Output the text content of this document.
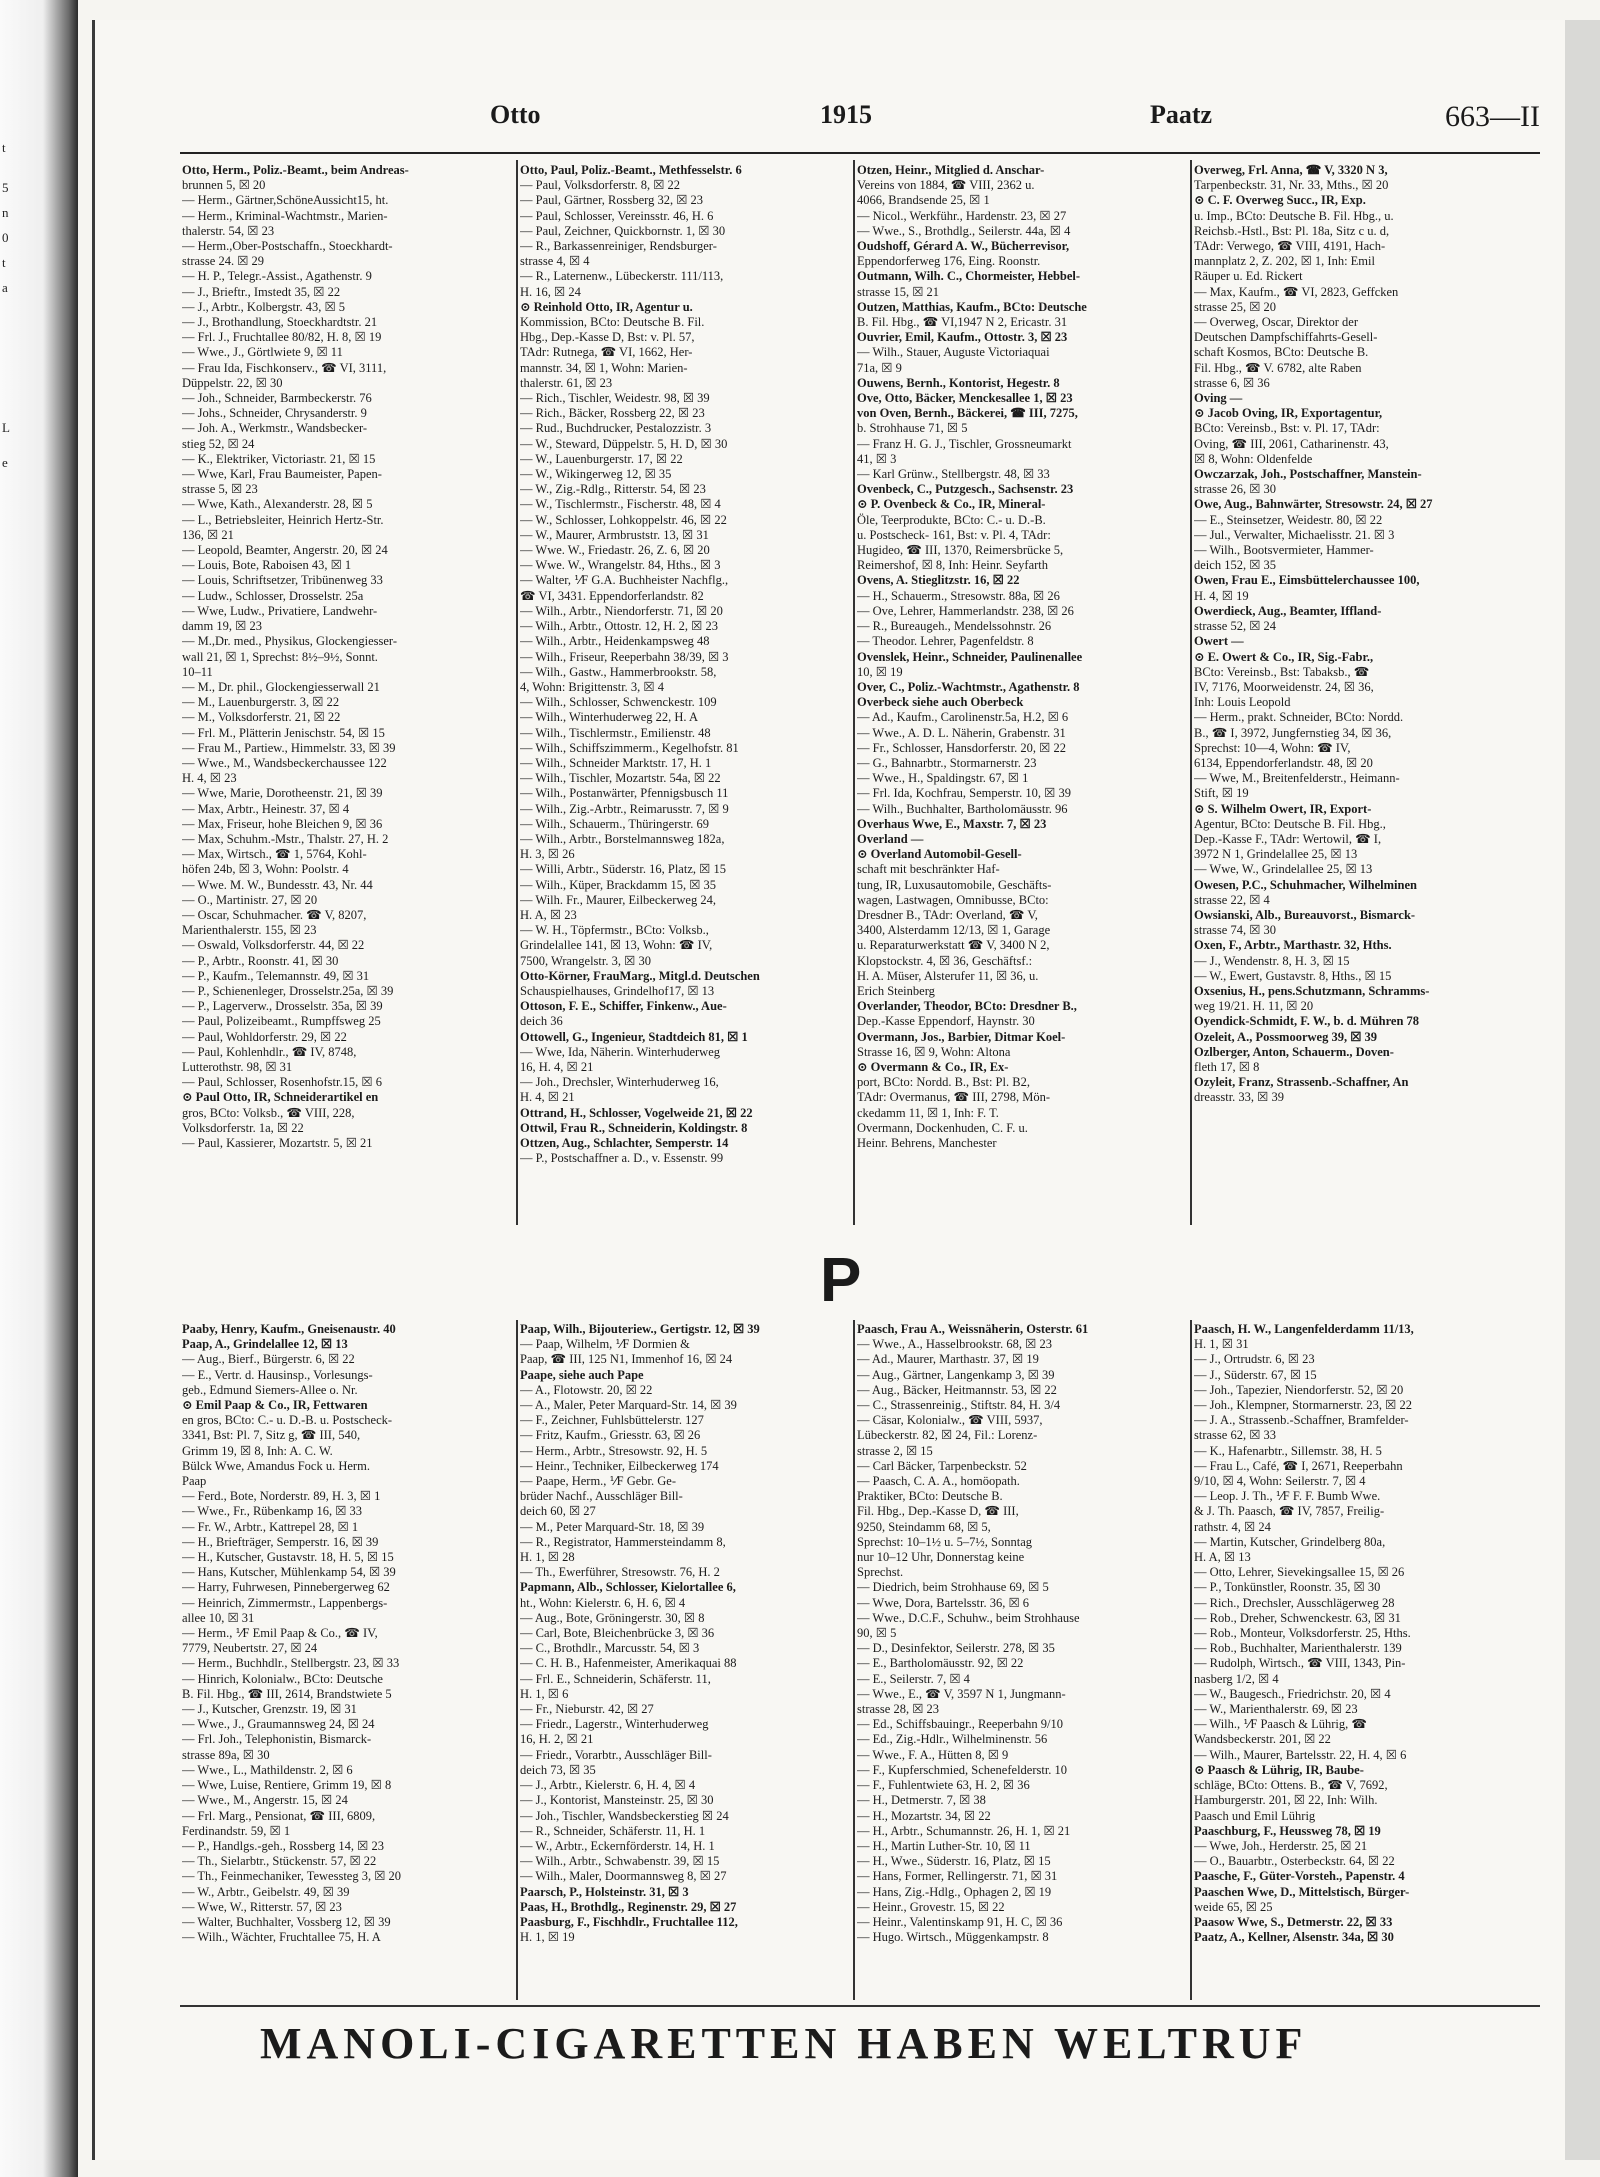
t
5
n
0
t
a
L
e
Otto	1915	Paatz	663—II
P
Otto, Herm., Poliz.-Beamt., beim Andreas-
brunnen 5, ☒ 20
— Herm., Gärtner,SchöneAussicht15, ht.
— Herm., Kriminal-Wachtmstr., Marien-
thalerstr. 54, ☒ 23
— Herm.,Ober-Postschaffn., Stoeckhardt-
strasse 24. ☒ 29
— H. P., Telegr.-Assist., Agathenstr. 9
— J., Brieftr., Imstedt 35, ☒ 22
— J., Arbtr., Kolbergstr. 43, ☒ 5
— J., Brothandlung, Stoeckhardtstr. 21
— Frl. J., Fruchtallee 80/82, H. 8, ☒ 19
— Wwe., J., Görtlwiete 9, ☒ 11
— Frau Ida, Fischkonserv., ☎ VI, 3111,
Düppelstr. 22, ☒ 30
— Joh., Schneider, Barmbeckerstr. 76
— Johs., Schneider, Chrysanderstr. 9
— Joh. A., Werkmstr., Wandsbecker-
stieg 52, ☒ 24
— K., Elektriker, Victoriastr. 21, ☒ 15
— Wwe, Karl, Frau Baumeister, Papen-
strasse 5, ☒ 23
— Wwe, Kath., Alexanderstr. 28, ☒ 5
— L., Betriebsleiter, Heinrich Hertz-Str.
136, ☒ 21
— Leopold, Beamter, Angerstr. 20, ☒ 24
— Louis, Bote, Raboisen 43, ☒ 1
— Louis, Schriftsetzer, Tribünenweg 33
— Ludw., Schlosser, Drosselstr. 25a
— Wwe, Ludw., Privatiere, Landwehr-
damm 19, ☒ 23
— M.,Dr. med., Physikus, Glockengiesser-
wall 21, ☒ 1, Sprechst: 8½–9½, Sonnt.
10–11
— M., Dr. phil., Glockengiesserwall 21
— M., Lauenburgerstr. 3, ☒ 22
— M., Volksdorferstr. 21, ☒ 22
— Frl. M., Plätterin Jenischstr. 54, ☒ 15
— Frau M., Partiew., Himmelstr. 33, ☒ 39
— Wwe., M., Wandsbeckerchaussee 122
H. 4, ☒ 23
— Wwe, Marie, Dorotheenstr. 21, ☒ 39
— Max, Arbtr., Heinestr. 37, ☒ 4
— Max, Friseur, hohe Bleichen 9, ☒ 36
— Max, Schuhm.-Mstr., Thalstr. 27, H. 2
— Max, Wirtsch., ☎ 1, 5764, Kohl-
höfen 24b, ☒ 3, Wohn: Poolstr. 4
— Wwe. M. W., Bundesstr. 43, Nr. 44
— O., Martinistr. 27, ☒ 20
— Oscar, Schuhmacher. ☎ V, 8207,
Marienthalerstr. 155, ☒ 23
— Oswald, Volksdorferstr. 44, ☒ 22
— P., Arbtr., Roonstr. 41, ☒ 30
— P., Kaufm., Telemannstr. 49, ☒ 31
— P., Schienenleger, Drosselstr.25a, ☒ 39
— P., Lagerverw., Drosselstr. 35a, ☒ 39
— Paul, Polizeibeamt., Rumpffsweg 25
— Paul, Wohldorferstr. 29, ☒ 22
— Paul, Kohlenhdlr., ☎ IV, 8748,
Lutterothstr. 98, ☒ 31
— Paul, Schlosser, Rosenhofstr.15, ☒ 6
⊙ Paul Otto, IR, Schneiderartikel en
gros, BCto: Volksb., ☎ VIII, 228,
Volksdorferstr. 1a, ☒ 22
— Paul, Kassierer, Mozartstr. 5, ☒ 21
Otto, Paul, Poliz.-Beamt., Methfesselstr. 6
— Paul, Volksdorferstr. 8, ☒ 22
— Paul, Gärtner, Rossberg 32, ☒ 23
— Paul, Schlosser, Vereinsstr. 46, H. 6
— Paul, Zeichner, Quickbornstr. 1, ☒ 30
— R., Barkassenreiniger, Rendsburger-
strasse 4, ☒ 4
— R., Laternenw., Lübeckerstr. 111/113,
H. 16, ☒ 24
⊙ Reinhold Otto, IR, Agentur u.
Kommission, BCto: Deutsche B. Fil.
Hbg., Dep.-Kasse D, Bst: v. Pl. 57,
TAdr: Rutnega, ☎ VI, 1662, Her-
mannstr. 34, ☒ 1, Wohn: Marien-
thalerstr. 61, ☒ 23
— Rich., Tischler, Weidestr. 98, ☒ 39
— Rich., Bäcker, Rossberg 22, ☒ 23
— Rud., Buchdrucker, Pestalozzistr. 3
— W., Steward, Düppelstr. 5, H. D, ☒ 30
— W., Lauenburgerstr. 17, ☒ 22
— W., Wikingerweg 12, ☒ 35
— W., Zig.-Rdlg., Ritterstr. 54, ☒ 23
— W., Tischlermstr., Fischerstr. 48, ☒ 4
— W., Schlosser, Lohkoppelstr. 46, ☒ 22
— W., Maurer, Armbruststr. 13, ☒ 31
— Wwe. W., Friedastr. 26, Z. 6, ☒ 20
— Wwe. W., Wrangelstr. 84, Hths., ☒ 3
— Walter, ⅟F G.A. Buchheister Nachflg.,
☎ VI, 3431. Eppendorferlandstr. 82
— Wilh., Arbtr., Niendorferstr. 71, ☒ 20
— Wilh., Arbtr., Ottostr. 12, H. 2, ☒ 23
— Wilh., Arbtr., Heidenkampsweg 48
— Wilh., Friseur, Reeperbahn 38/39, ☒ 3
— Wilh., Gastw., Hammerbrookstr. 58,
4, Wohn: Brigittenstr. 3, ☒ 4
— Wilh., Schlosser, Schwenckestr. 109
— Wilh., Winterhuderweg 22, H. A
— Wilh., Tischlermstr., Emilienstr. 48
— Wilh., Schiffszimmerm., Kegelhofstr. 81
— Wilh., Schneider Marktstr. 17, H. 1
— Wilh., Tischler, Mozartstr. 54a, ☒ 22
— Wilh., Postanwärter, Pfennigsbusch 11
— Wilh., Zig.-Arbtr., Reimarusstr. 7, ☒ 9
— Wilh., Schauerm., Thüringerstr. 69
— Wilh., Arbtr., Borstelmannsweg 182a,
H. 3, ☒ 26
— Willi, Arbtr., Süderstr. 16, Platz, ☒ 15
— Wilh., Küper, Brackdamm 15, ☒ 35
— Wilh. Fr., Maurer, Eilbeckerweg 24,
H. A, ☒ 23
— W. H., Töpfermstr., BCto: Volksb.,
Grindelallee 141, ☒ 13, Wohn: ☎ IV,
7500, Wrangelstr. 3, ☒ 30
Otto-Körner, FrauMarg., Mitgl.d. Deutschen
Schauspielhauses, Grindelhof17, ☒ 13
Ottoson, F. E., Schiffer, Finkenw., Aue-
deich 36
Ottowell, G., Ingenieur, Stadtdeich 81, ☒ 1
— Wwe, Ida, Näherin. Winterhuderweg
16, H. 4, ☒ 21
— Joh., Drechsler, Winterhuderweg 16,
H. 4, ☒ 21
Ottrand, H., Schlosser, Vogelweide 21, ☒ 22
Ottwil, Frau R., Schneiderin, Koldingstr. 8
Ottzen, Aug., Schlachter, Semperstr. 14
— P., Postschaffner a. D., v. Essenstr. 99
Otzen, Heinr., Mitglied d. Anschar-
Vereins von 1884, ☎ VIII, 2362 u.
4066, Brandsende 25, ☒ 1
— Nicol., Werkführ., Hardenstr. 23, ☒ 27
— Wwe., S., Brothdlg., Seilerstr. 44a, ☒ 4
Oudshoff, Gérard A. W., Bücherrevisor,
Eppendorferweg 176, Eing. Roonstr.
Outmann, Wilh. C., Chormeister, Hebbel-
strasse 15, ☒ 21
Outzen, Matthias, Kaufm., BCto: Deutsche
B. Fil. Hbg., ☎ VI,1947 N 2, Ericastr. 31
Ouvrier, Emil, Kaufm., Ottostr. 3, ☒ 23
— Wilh., Stauer, Auguste Victoriaquai
71a, ☒ 9
Ouwens, Bernh., Kontorist, Hegestr. 8
Ove, Otto, Bäcker, Menckesallee 1, ☒ 23
von Oven, Bernh., Bäckerei, ☎ III, 7275,
b. Strohhause 71, ☒ 5
— Franz H. G. J., Tischler, Grossneumarkt
41, ☒ 3
— Karl Grünw., Stellbergstr. 48, ☒ 33
Ovenbeck, C., Putzgesch., Sachsenstr. 23
⊙ P. Ovenbeck & Co., IR, Mineral-
Öle, Teerprodukte, BCto: C.- u. D.-B.
u. Postscheck- 161, Bst: v. Pl. 4, TAdr:
Hugideo, ☎ III, 1370, Reimersbrücke 5,
Reimershof, ☒ 8, Inh: Heinr. Seyfarth
Ovens, A. Stieglitzstr. 16, ☒ 22
— H., Schauerm., Stresowstr. 88a, ☒ 26
— Ove, Lehrer, Hammerlandstr. 238, ☒ 26
— R., Bureaugeh., Mendelssohnstr. 26
— Theodor. Lehrer, Pagenfeldstr. 8
Ovenslek, Heinr., Schneider, Paulinenallee
10, ☒ 19
Over, C., Poliz.-Wachtmstr., Agathenstr. 8
Overbeck siehe auch Oberbeck
— Ad., Kaufm., Carolinenstr.5a, H.2, ☒ 6
— Wwe., A. D. L. Näherin, Grabenstr. 31
— Fr., Schlosser, Hansdorferstr. 20, ☒ 22
— G., Bahnarbtr., Stormarnerstr. 23
— Wwe., H., Spaldingstr. 67, ☒ 1
— Frl. Ida, Kochfrau, Semperstr. 10, ☒ 39
— Wilh., Buchhalter, Bartholomäusstr. 96
Overhaus Wwe, E., Maxstr. 7, ☒ 23
Overland —
⊙ Overland Automobil-Gesell-
schaft mit beschränkter Haf-
tung, IR, Luxusautomobile, Geschäfts-
wagen, Lastwagen, Omnibusse, BCto:
Dresdner B., TAdr: Overland, ☎ V,
3400, Alsterdamm 12/13, ☒ 1, Garage
u. Reparaturwerkstatt ☎ V, 3400 N 2,
Klopstockstr. 4, ☒ 36, Geschäftsf.:
H. A. Müser, Alsterufer 11, ☒ 36, u.
Erich Steinberg
Overlander, Theodor, BCto: Dresdner B.,
Dep.-Kasse Eppendorf, Haynstr. 30
Overmann, Jos., Barbier, Ditmar Koel-
Strasse 16, ☒ 9, Wohn: Altona
⊙ Overmann & Co., IR, Ex-
port, BCto: Nordd. B., Bst: Pl. B2,
TAdr: Overmanus, ☎ III, 2798, Mön-
ckedamm 11, ☒ 1, Inh: F. T.
Overmann, Dockenhuden, C. F. u.
Heinr. Behrens, Manchester
Overweg, Frl. Anna, ☎ V, 3320 N 3,
Tarpenbeckstr. 31, Nr. 33, Mths., ☒ 20
⊙ C. F. Overweg Succ., IR, Exp.
u. Imp., BCto: Deutsche B. Fil. Hbg., u.
Reichsb.-Hstl., Bst: Pl. 18a, Sitz c u. d,
TAdr: Verwego, ☎ VIII, 4191, Hach-
mannplatz 2, Z. 202, ☒ 1, Inh: Emil
Räuper u. Ed. Rickert
— Max, Kaufm., ☎ VI, 2823, Geffcken
strasse 25, ☒ 20
— Overweg, Oscar, Direktor der
Deutschen Dampfschiffahrts-Gesell-
schaft Kosmos, BCto: Deutsche B.
Fil. Hbg., ☎ V. 6782, alte Raben
strasse 6, ☒ 36
Oving —
⊙ Jacob Oving, IR, Exportagentur,
BCto: Vereinsb., Bst: v. Pl. 17, TAdr:
Oving, ☎ III, 2061, Catharinenstr. 43,
☒ 8, Wohn: Oldenfelde
Owczarzak, Joh., Postschaffner, Manstein-
strasse 26, ☒ 30
Owe, Aug., Bahnwärter, Stresowstr. 24, ☒ 27
— E., Steinsetzer, Weidestr. 80, ☒ 22
— Jul., Verwalter, Michaelisstr. 21. ☒ 3
— Wilh., Bootsvermieter, Hammer-
deich 152, ☒ 35
Owen, Frau E., Eimsbüttelerchaussee 100,
H. 4, ☒ 19
Owerdieck, Aug., Beamter, Iffland-
strasse 52, ☒ 24
Owert —
⊙ E. Owert & Co., IR, Sig.-Fabr.,
BCto: Vereinsb., Bst: Tabaksb., ☎
IV, 7176, Moorweidenstr. 24, ☒ 36,
Inh: Louis Leopold
— Herm., prakt. Schneider, BCto: Nordd.
B., ☎ I, 3972, Jungfernstieg 34, ☒ 36,
Sprechst: 10—4, Wohn: ☎ IV,
6134, Eppendorferlandstr. 48, ☒ 20
— Wwe, M., Breitenfelderstr., Heimann-
Stift, ☒ 19
⊙ S. Wilhelm Owert, IR, Export-
Agentur, BCto: Deutsche B. Fil. Hbg.,
Dep.-Kasse F., TAdr: Wertowil, ☎ I,
3972 N 1, Grindelallee 25, ☒ 13
— Wwe, W., Grindelallee 25, ☒ 13
Owesen, P.C., Schuhmacher, Wilhelminen
strasse 22, ☒ 4
Owsianski, Alb., Bureauvorst., Bismarck-
strasse 74, ☒ 30
Oxen, F., Arbtr., Marthastr. 32, Hths.
— J., Wendenstr. 8, H. 3, ☒ 15
— W., Ewert, Gustavstr. 8, Hths., ☒ 15
Oxsenius, H., pens.Schutzmann, Schramms-
weg 19/21. H. 11, ☒ 20
Oyendick-Schmidt, F. W., b. d. Mühren 78
Ozeleit, A., Possmoorweg 39, ☒ 39
Ozlberger, Anton, Schauerm., Doven-
fleth 17, ☒ 8
Ozyleit, Franz, Strassenb.-Schaffner, An
dreasstr. 33, ☒ 39
Paaby, Henry, Kaufm., Gneisenaustr. 40
Paap, A., Grindelallee 12, ☒ 13
— Aug., Bierf., Bürgerstr. 6, ☒ 22
— E., Vertr. d. Hausinsp., Vorlesungs-
geb., Edmund Siemers-Allee o. Nr.
⊙ Emil Paap & Co., IR, Fettwaren
en gros, BCto: C.- u. D.-B. u. Postscheck-
3341, Bst: Pl. 7, Sitz g, ☎ III, 540,
Grimm 19, ☒ 8, Inh: A. C. W.
Bülck Wwe, Amandus Fock u. Herm.
Paap
— Ferd., Bote, Norderstr. 89, H. 3, ☒ 1
— Wwe., Fr., Rübenkamp 16, ☒ 33
— Fr. W., Arbtr., Kattrepel 28, ☒ 1
— H., Briefträger, Semperstr. 16, ☒ 39
— H., Kutscher, Gustavstr. 18, H. 5, ☒ 15
— Hans, Kutscher, Mühlenkamp 54, ☒ 39
— Harry, Fuhrwesen, Pinnebergerweg 62
— Heinrich, Zimmermstr., Lappenbergs-
allee 10, ☒ 31
— Herm., ⅟F Emil Paap & Co., ☎ IV,
7779, Neubertstr. 27, ☒ 24
— Herm., Buchhdlr., Stellbergstr. 23, ☒ 33
— Hinrich, Kolonialw., BCto: Deutsche
B. Fil. Hbg., ☎ III, 2614, Brandstwiete 5
— J., Kutscher, Grenzstr. 19, ☒ 31
— Wwe., J., Graumannsweg 24, ☒ 24
— Frl. Joh., Telephonistin, Bismarck-
strasse 89a, ☒ 30
— Wwe., L., Mathildenstr. 2, ☒ 6
— Wwe, Luise, Rentiere, Grimm 19, ☒ 8
— Wwe., M., Angerstr. 15, ☒ 24
— Frl. Marg., Pensionat, ☎ III, 6809,
Ferdinandstr. 59, ☒ 1
— P., Handlgs.-geh., Rossberg 14, ☒ 23
— Th., Sielarbtr., Stückenstr. 57, ☒ 22
— Th., Feinmechaniker, Tewessteg 3, ☒ 20
— W., Arbtr., Geibelstr. 49, ☒ 39
— Wwe, W., Ritterstr. 57, ☒ 23
— Walter, Buchhalter, Vossberg 12, ☒ 39
— Wilh., Wächter, Fruchtallee 75, H. A
Paap, Wilh., Bijouteriew., Gertigstr. 12, ☒ 39
— Paap, Wilhelm, ⅟F Dormien &
Paap, ☎ III, 125 N1, Immenhof 16, ☒ 24
Paape, siehe auch Pape
— A., Flotowstr. 20, ☒ 22
— A., Maler, Peter Marquard-Str. 14, ☒ 39
— F., Zeichner, Fuhlsbüttelerstr. 127
— Fritz, Kaufm., Griesstr. 63, ☒ 26
— Herm., Arbtr., Stresowstr. 92, H. 5
— Heinr., Techniker, Eilbeckerweg 174
— Paape, Herm., ⅟F Gebr. Ge-
brüder Nachf., Ausschläger Bill-
deich 60, ☒ 27
— M., Peter Marquard-Str. 18, ☒ 39
— R., Registrator, Hammersteindamm 8,
H. 1, ☒ 28
— Th., Ewerführer, Stresowstr. 76, H. 2
Papmann, Alb., Schlosser, Kielortallee 6,
ht., Wohn: Kielerstr. 6, H. 6, ☒ 4
— Aug., Bote, Gröningerstr. 30, ☒ 8
— Carl, Bote, Bleichenbrücke 3, ☒ 36
— C., Brothdlr., Marcusstr. 54, ☒ 3
— C. H. B., Hafenmeister, Amerikaquai 88
— Frl. E., Schneiderin, Schäferstr. 11,
H. 1, ☒ 6
— Fr., Nieburstr. 42, ☒ 27
— Friedr., Lagerstr., Winterhuderweg
16, H. 2, ☒ 21
— Friedr., Vorarbtr., Ausschläger Bill-
deich 73, ☒ 35
— J., Arbtr., Kielerstr. 6, H. 4, ☒ 4
— J., Kontorist, Mansteinstr. 25, ☒ 30
— Joh., Tischler, Wandsbeckerstieg ☒ 24
— R., Schneider, Schäferstr. 11, H. 1
— W., Arbtr., Eckernförderstr. 14, H. 1
— Wilh., Arbtr., Schwabenstr. 39, ☒ 15
— Wilh., Maler, Doormannsweg 8, ☒ 27
Paarsch, P., Holsteinstr. 31, ☒ 3
Paas, H., Brothdlg., Reginenstr. 29, ☒ 27
Paasburg, F., Fischhdlr., Fruchtallee 112,
H. 1, ☒ 19
Paasch, Frau A., Weissnäherin, Osterstr. 61
— Wwe., A., Hasselbrookstr. 68, ☒ 23
— Ad., Maurer, Marthastr. 37, ☒ 19
— Aug., Gärtner, Langenkamp 3, ☒ 39
— Aug., Bäcker, Heitmannstr. 53, ☒ 22
— C., Strassenreinig., Stiftstr. 84, H. 3/4
— Cäsar, Kolonialw., ☎ VIII, 5937,
Lübeckerstr. 82, ☒ 24, Fil.: Lorenz-
strasse 2, ☒ 15
— Carl Bäcker, Tarpenbeckstr. 52
— Paasch, C. A. A., homöopath.
Praktiker, BCto: Deutsche B.
Fil. Hbg., Dep.-Kasse D, ☎ III,
9250, Steindamm 68, ☒ 5,
Sprechst: 10–1½ u. 5–7½, Sonntag
nur 10–12 Uhr, Donnerstag keine
Sprechst.
— Diedrich, beim Strohhause 69, ☒ 5
— Wwe, Dora, Bartelsstr. 36, ☒ 6
— Wwe., D.C.F., Schuhw., beim Strohhause
90, ☒ 5
— D., Desinfektor, Seilerstr. 278, ☒ 35
— E., Bartholomäusstr. 92, ☒ 22
— E., Seilerstr. 7, ☒ 4
— Wwe., E., ☎ V, 3597 N 1, Jungmann-
strasse 28, ☒ 23
— Ed., Schiffsbauingr., Reeperbahn 9/10
— Ed., Zig.-Hdlr., Wilhelminenstr. 56
— Wwe., F. A., Hütten 8, ☒ 9
— F., Kupferschmied, Schenefelderstr. 10
— F., Fuhlentwiete 63, H. 2, ☒ 36
— H., Detmerstr. 7, ☒ 38
— H., Mozartstr. 34, ☒ 22
— H., Arbtr., Schumannstr. 26, H. 1, ☒ 21
— H., Martin Luther-Str. 10, ☒ 11
— H., Wwe., Süderstr. 16, Platz, ☒ 15
— Hans, Former, Rellingerstr. 71, ☒ 31
— Hans, Zig.-Hdlg., Ophagen 2, ☒ 19
— Heinr., Grovestr. 15, ☒ 22
— Heinr., Valentinskamp 91, H. C, ☒ 36
— Hugo. Wirtsch., Müggenkampstr. 8
Paasch, H. W., Langenfelderdamm 11/13,
H. 1, ☒ 31
— J., Ortrudstr. 6, ☒ 23
— J., Süderstr. 67, ☒ 15
— Joh., Tapezier, Niendorferstr. 52, ☒ 20
— Joh., Klempner, Stormarnerstr. 23, ☒ 22
— J. A., Strassenb.-Schaffner, Bramfelder-
strasse 62, ☒ 33
— K., Hafenarbtr., Sillemstr. 38, H. 5
— Frau L., Café, ☎ I, 2671, Reeperbahn
9/10, ☒ 4, Wohn: Seilerstr. 7, ☒ 4
— Leop. J. Th., ⅟F F. F. Bumb Wwe.
& J. Th. Paasch, ☎ IV, 7857, Freilig-
rathstr. 4, ☒ 24
— Martin, Kutscher, Grindelberg 80a,
H. A, ☒ 13
— Otto, Lehrer, Sievekingsallee 15, ☒ 26
— P., Tonkünstler, Roonstr. 35, ☒ 30
— Rich., Drechsler, Ausschlägerweg 28
— Rob., Dreher, Schwenckestr. 63, ☒ 31
— Rob., Monteur, Volksdorferstr. 25, Hths.
— Rob., Buchhalter, Marienthalerstr. 139
— Rudolph, Wirtsch., ☎ VIII, 1343, Pin-
nasberg 1/2, ☒ 4
— W., Baugesch., Friedrichstr. 20, ☒ 4
— W., Marienthalerstr. 69, ☒ 23
— Wilh., ⅟F Paasch & Lührig, ☎
Wandsbeckerstr. 201, ☒ 22
— Wilh., Maurer, Bartelsstr. 22, H. 4, ☒ 6
⊙ Paasch & Lührig, IR, Baube-
schläge, BCto: Ottens. B., ☎ V, 7692,
Hamburgerstr. 201, ☒ 22, Inh: Wilh.
Paasch und Emil Lührig
Paaschburg, F., Heussweg 78, ☒ 19
— Wwe, Joh., Herderstr. 25, ☒ 21
— O., Bauarbtr., Osterbeckstr. 64, ☒ 22
Paasche, F., Güter-Vorsteh., Papenstr. 4
Paaschen Wwe, D., Mittelstisch, Bürger-
weide 65, ☒ 25
Paasow Wwe, S., Detmerstr. 22, ☒ 33
Paatz, A., Kellner, Alsenstr. 34a, ☒ 30
MANOLI-CIGARETTEN HABEN WELTRUF
